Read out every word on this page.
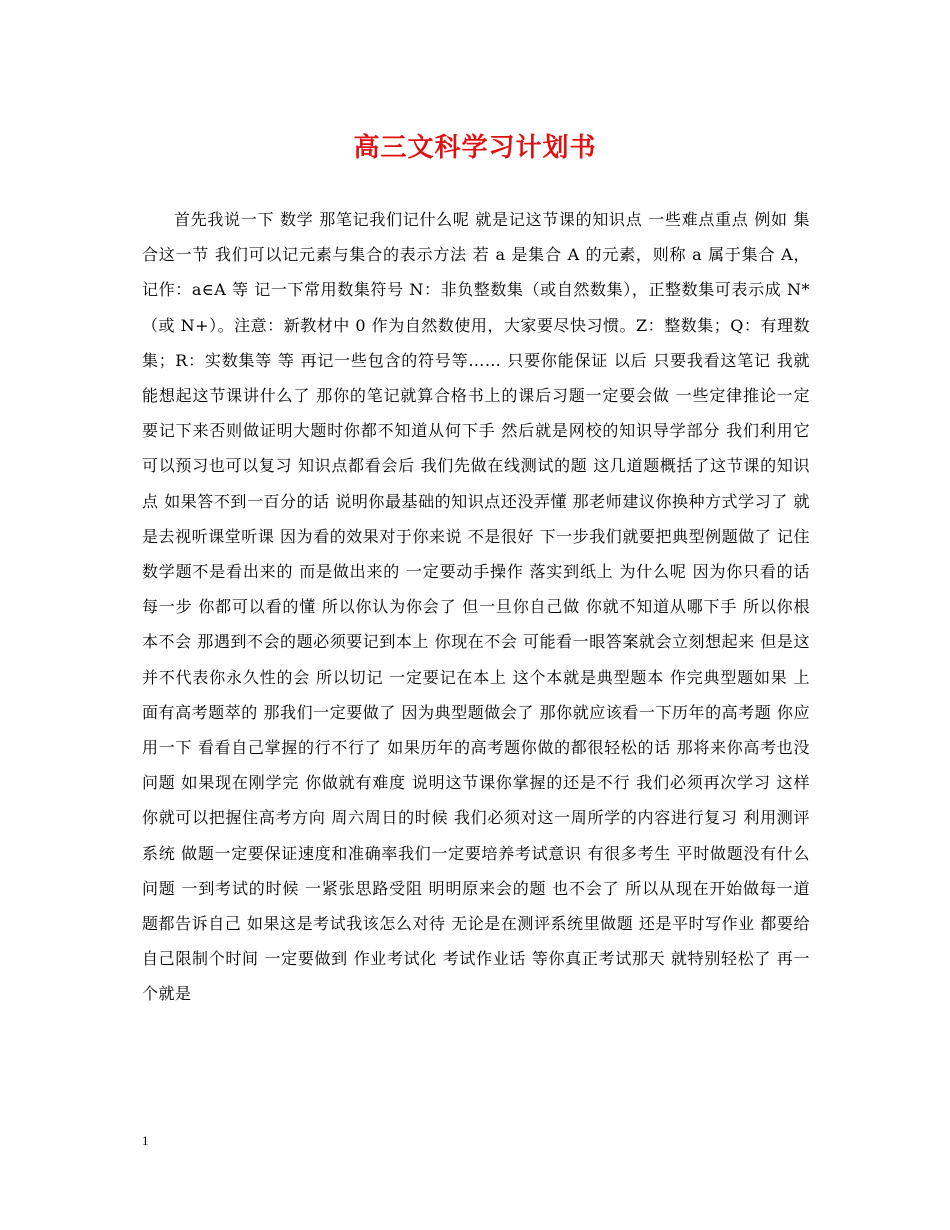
高三文科学习计划书

首先我说一下 数学 那笔记我们记什么呢 就是记这节课的知识点 一些难点重点 例如 集合这一节 我们可以记元素与集合的表示方法 若 a 是集合 A 的元素，则称 a 属于集合 A，记作：a∈A 等 记一下常用数集符号 N：非负整数集（或自然数集），正整数集可表示成 N*（或 N+）。注意：新教材中 0 作为自然数使用，大家要尽快习惯。Z：整数集；Q：有理数集；R：实数集等 等 再记一些包含的符号等…… 只要你能保证 以后 只要我看这笔记 我就能想起这节课讲什么了 那你的笔记就算合格书上的课后习题一定要会做 一些定律推论一定要记下来否则做证明大题时你都不知道从何下手 然后就是网校的知识导学部分 我们利用它可以预习也可以复习 知识点都看会后 我们先做在线测试的题 这几道题概括了这节课的知识点 如果答不到一百分的话 说明你最基础的知识点还没弄懂 那老师建议你换种方式学习了 就是去视听课堂听课 因为看的效果对于你来说 不是很好 下一步我们就要把典型例题做了 记住 数学题不是看出来的 而是做出来的 一定要动手操作 落实到纸上 为什么呢 因为你只看的话 每一步 你都可以看的懂 所以你认为你会了 但一旦你自己做 你就不知道从哪下手 所以你根本不会 那遇到不会的题必须要记到本上 你现在不会 可能看一眼答案就会立刻想起来 但是这并不代表你永久性的会 所以切记 一定要记在本上 这个本就是典型题本 作完典型题如果 上面有高考题萃的 那我们一定要做了 因为典型题做会了 那你就应该看一下历年的高考题 你应用一下 看看自己掌握的行不行了 如果历年的高考题你做的都很轻松的话 那将来你高考也没问题 如果现在刚学完 你做就有难度 说明这节课你掌握的还是不行 我们必须再次学习 这样你就可以把握住高考方向 周六周日的时候 我们必须对这一周所学的内容进行复习 利用测评系统 做题一定要保证速度和准确率我们一定要培养考试意识 有很多考生 平时做题没有什么问题 一到考试的时候 一紧张思路受阻 明明原来会的题 也不会了 所以从现在开始做每一道题都告诉自己 如果这是考试我该怎么对待 无论是在测评系统里做题 还是平时写作业 都要给自己限制个时间 一定要做到 作业考试化 考试作业话 等你真正考试那天 就特别轻松了 再一个就是

1
